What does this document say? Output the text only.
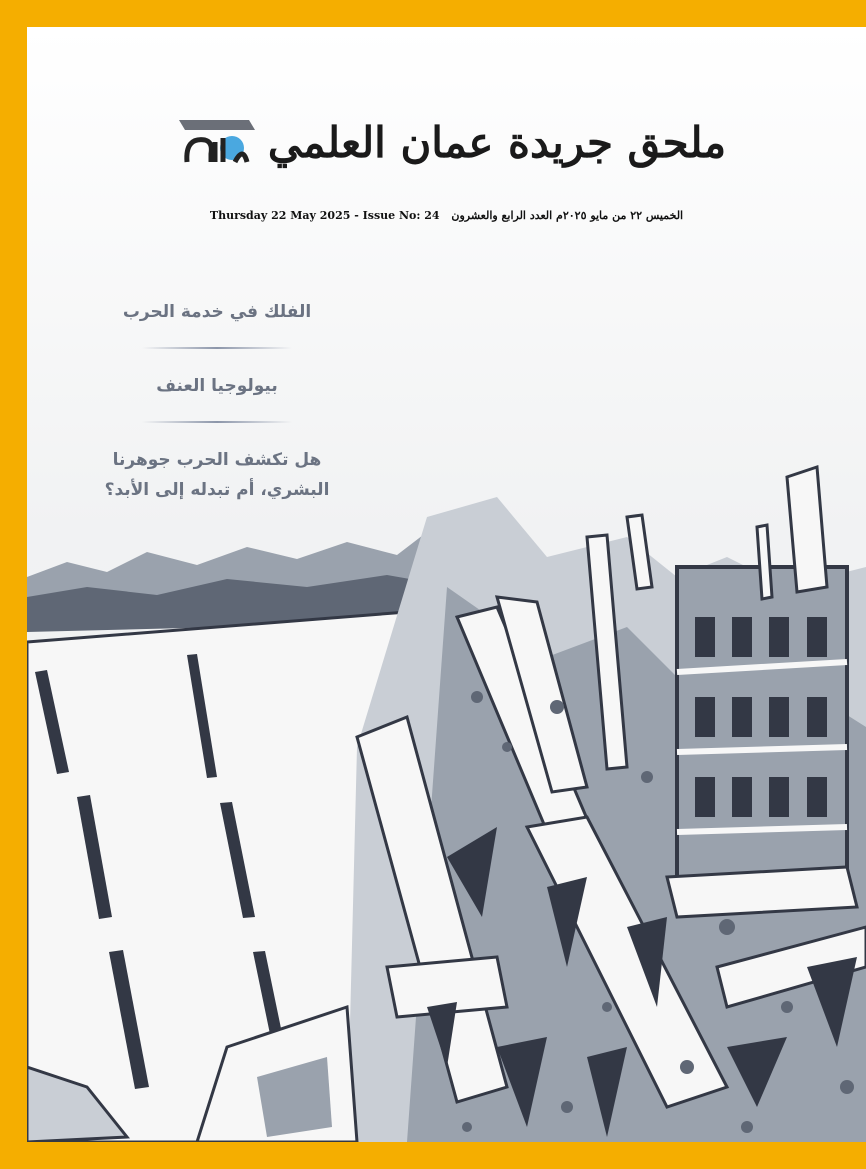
ملحق جريدة عمان العلمي
Thursday 22 May 2025 - Issue No: 24 الخميس ٢٢ من مايو ٢٠٢٥م العدد الرابع والعشرون
الفلك في خدمة الحرب
بيولوجيا العنف
هل تكشف الحرب جوهرنا
البشري، أم تبدله إلى الأبد؟
